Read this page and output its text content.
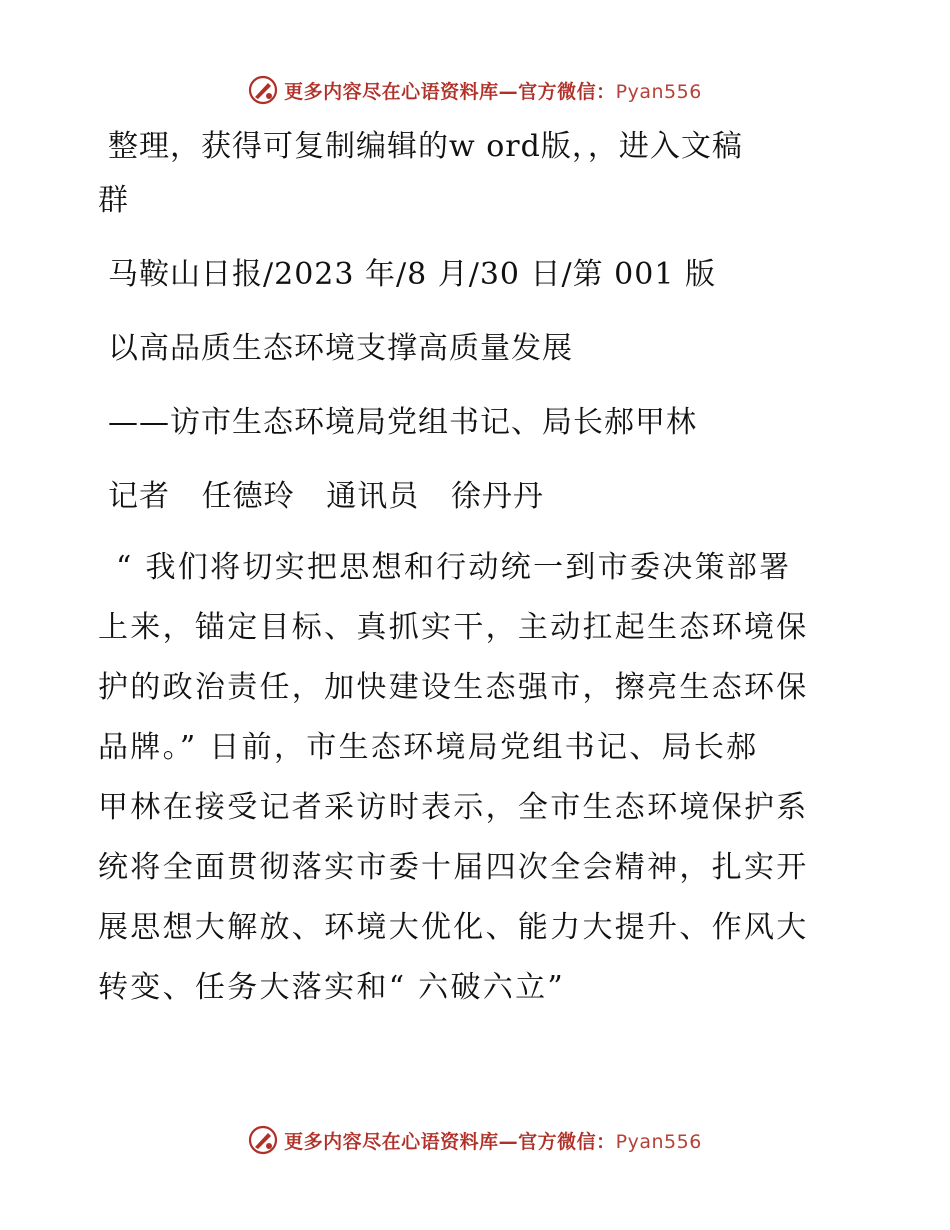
更多内容尽在心语资料库—官方微信：Pyan556
整理，获得可复制编辑的w ord版，，进入文稿
群
马鞍山日报/2023 年/8 月/30 日/第 001 版
以高品质生态环境支撑高质量发展
——访市生态环境局党组书记、局长郝甲林
记者   任德玲   通讯员   徐丹丹
“ 我们将切实把思想和行动统一到市委决策部署
上来，锚定目标、真抓实干，主动扛起生态环境保
护的政治责任，加快建设生态强市，擦亮生态环保
品牌。” 日前，市生态环境局党组书记、局长郝
甲林在接受记者采访时表示，全市生态环境保护系
统将全面贯彻落实市委十届四次全会精神，扎实开
展思想大解放、环境大优化、能力大提升、作风大
转变、任务大落实和“ 六破六立”
更多内容尽在心语资料库—官方微信：Pyan556
